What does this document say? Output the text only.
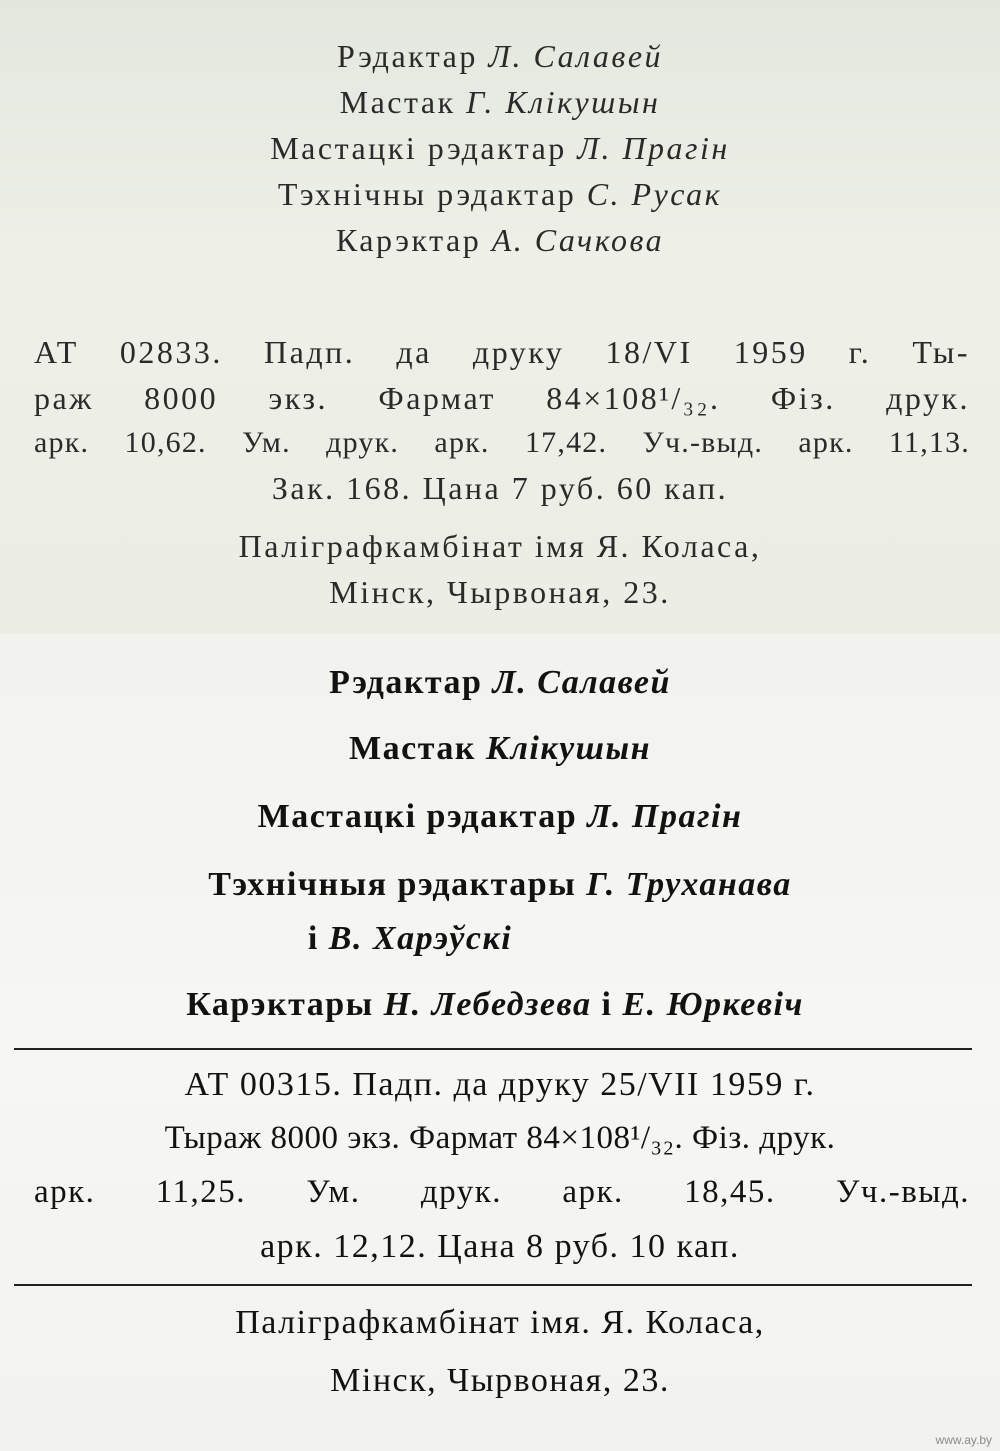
Рэдактар Л. Салавей
Мастак Г. Клікушын
Мастацкі рэдактар Л. Прагін
Тэхнічны рэдактар С. Русак
Карэктар А. Сачкова
АТ 02833. Падп. да друку 18/VI 1959 г. Ты-
раж 8000 экз. Фармат 84×108¹/₃₂. Фіз. друк.
арк. 10,62. Ум. друк. арк. 17,42. Уч.-выд. арк. 11,13.
Зак. 168. Цана 7 руб. 60 кап.
Паліграфкамбінат імя Я. Коласа,
Мінск, Чырвоная, 23.
Рэдактар Л. Салавей
Мастак Клікушын
Мастацкі рэдактар Л. Прагін
Тэхнічныя рэдактары Г. Труханава
і В. Харэўскі
Карэктары Н. Лебедзева і Е. Юркевіч
АТ 00315. Падп. да друку 25/VII 1959 г.
Тыраж 8000 экз. Фармат 84×108¹/₃₂. Фіз. друк.
арк. 11,25. Ум. друк. арк. 18,45. Уч.-выд.
арк. 12,12. Цана 8 руб. 10 кап.
Паліграфкамбінат імя. Я. Коласа,
Мінск, Чырвоная, 23.
www.ay.by
